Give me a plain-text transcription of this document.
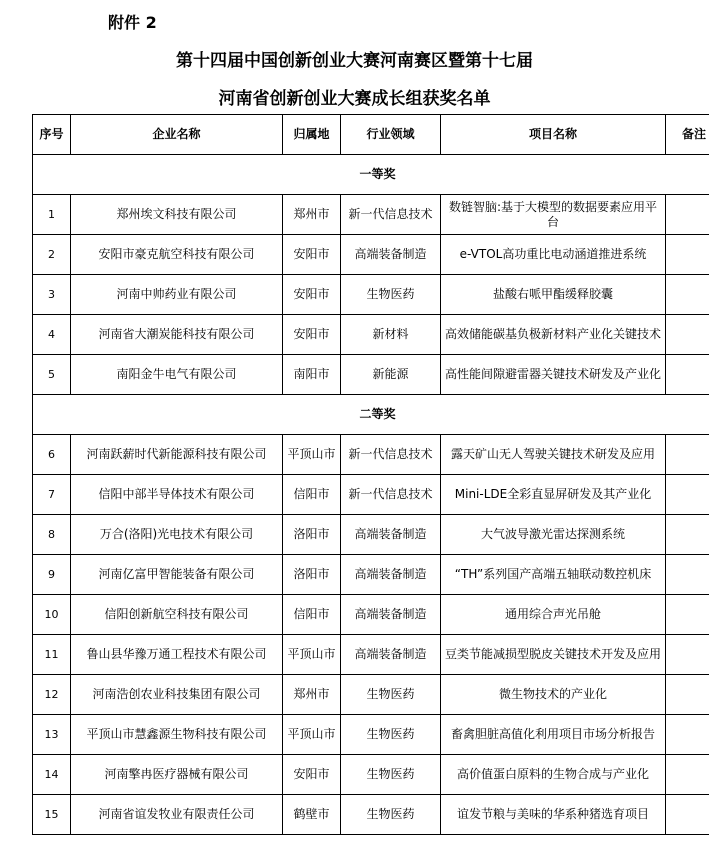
附件 2
第十四届中国创新创业大赛河南赛区暨第十七届
河南省创新创业大赛成长组获奖名单
序号	企业名称	归属地	行业领域	项目名称	备注
一等奖					
1	郑州埃文科技有限公司	郑州市	新一代信息技术	数链智脑:基于大模型的数据要素应用平台	
2	安阳市豪克航空科技有限公司	安阳市	高端装备制造	e-VTOL高功重比电动涵道推进系统	
3	河南中帅药业有限公司	安阳市	生物医药	盐酸右哌甲酯缓释胶囊	
4	河南省大潮炭能科技有限公司	安阳市	新材料	高效储能碳基负极新材料产业化关键技术	
5	南阳金牛电气有限公司	南阳市	新能源	高性能间隙避雷器关键技术研发及产业化	
二等奖					
6	河南跃薪时代新能源科技有限公司	平顶山市	新一代信息技术	露天矿山无人驾驶关键技术研发及应用	
7	信阳中部半导体技术有限公司	信阳市	新一代信息技术	Mini-LDE全彩直显屏研发及其产业化	
8	万合(洛阳)光电技术有限公司	洛阳市	高端装备制造	大气波导激光雷达探测系统	
9	河南亿富甲智能装备有限公司	洛阳市	高端装备制造	“TH”系列国产高端五轴联动数控机床	
10	信阳创新航空科技有限公司	信阳市	高端装备制造	通用综合声光吊舱	
11	鲁山县华豫万通工程技术有限公司	平顶山市	高端装备制造	豆类节能减损型脱皮关键技术开发及应用	
12	河南浩创农业科技集团有限公司	郑州市	生物医药	微生物技术的产业化	
13	平顶山市慧鑫源生物科技有限公司	平顶山市	生物医药	畜禽胆脏高值化利用项目市场分析报告	
14	河南擎冉医疗器械有限公司	安阳市	生物医药	高价值蛋白原料的生物合成与产业化	
15	河南省谊发牧业有限责任公司	鹤壁市	生物医药	谊发节粮与美味的华系种猪选育项目	
